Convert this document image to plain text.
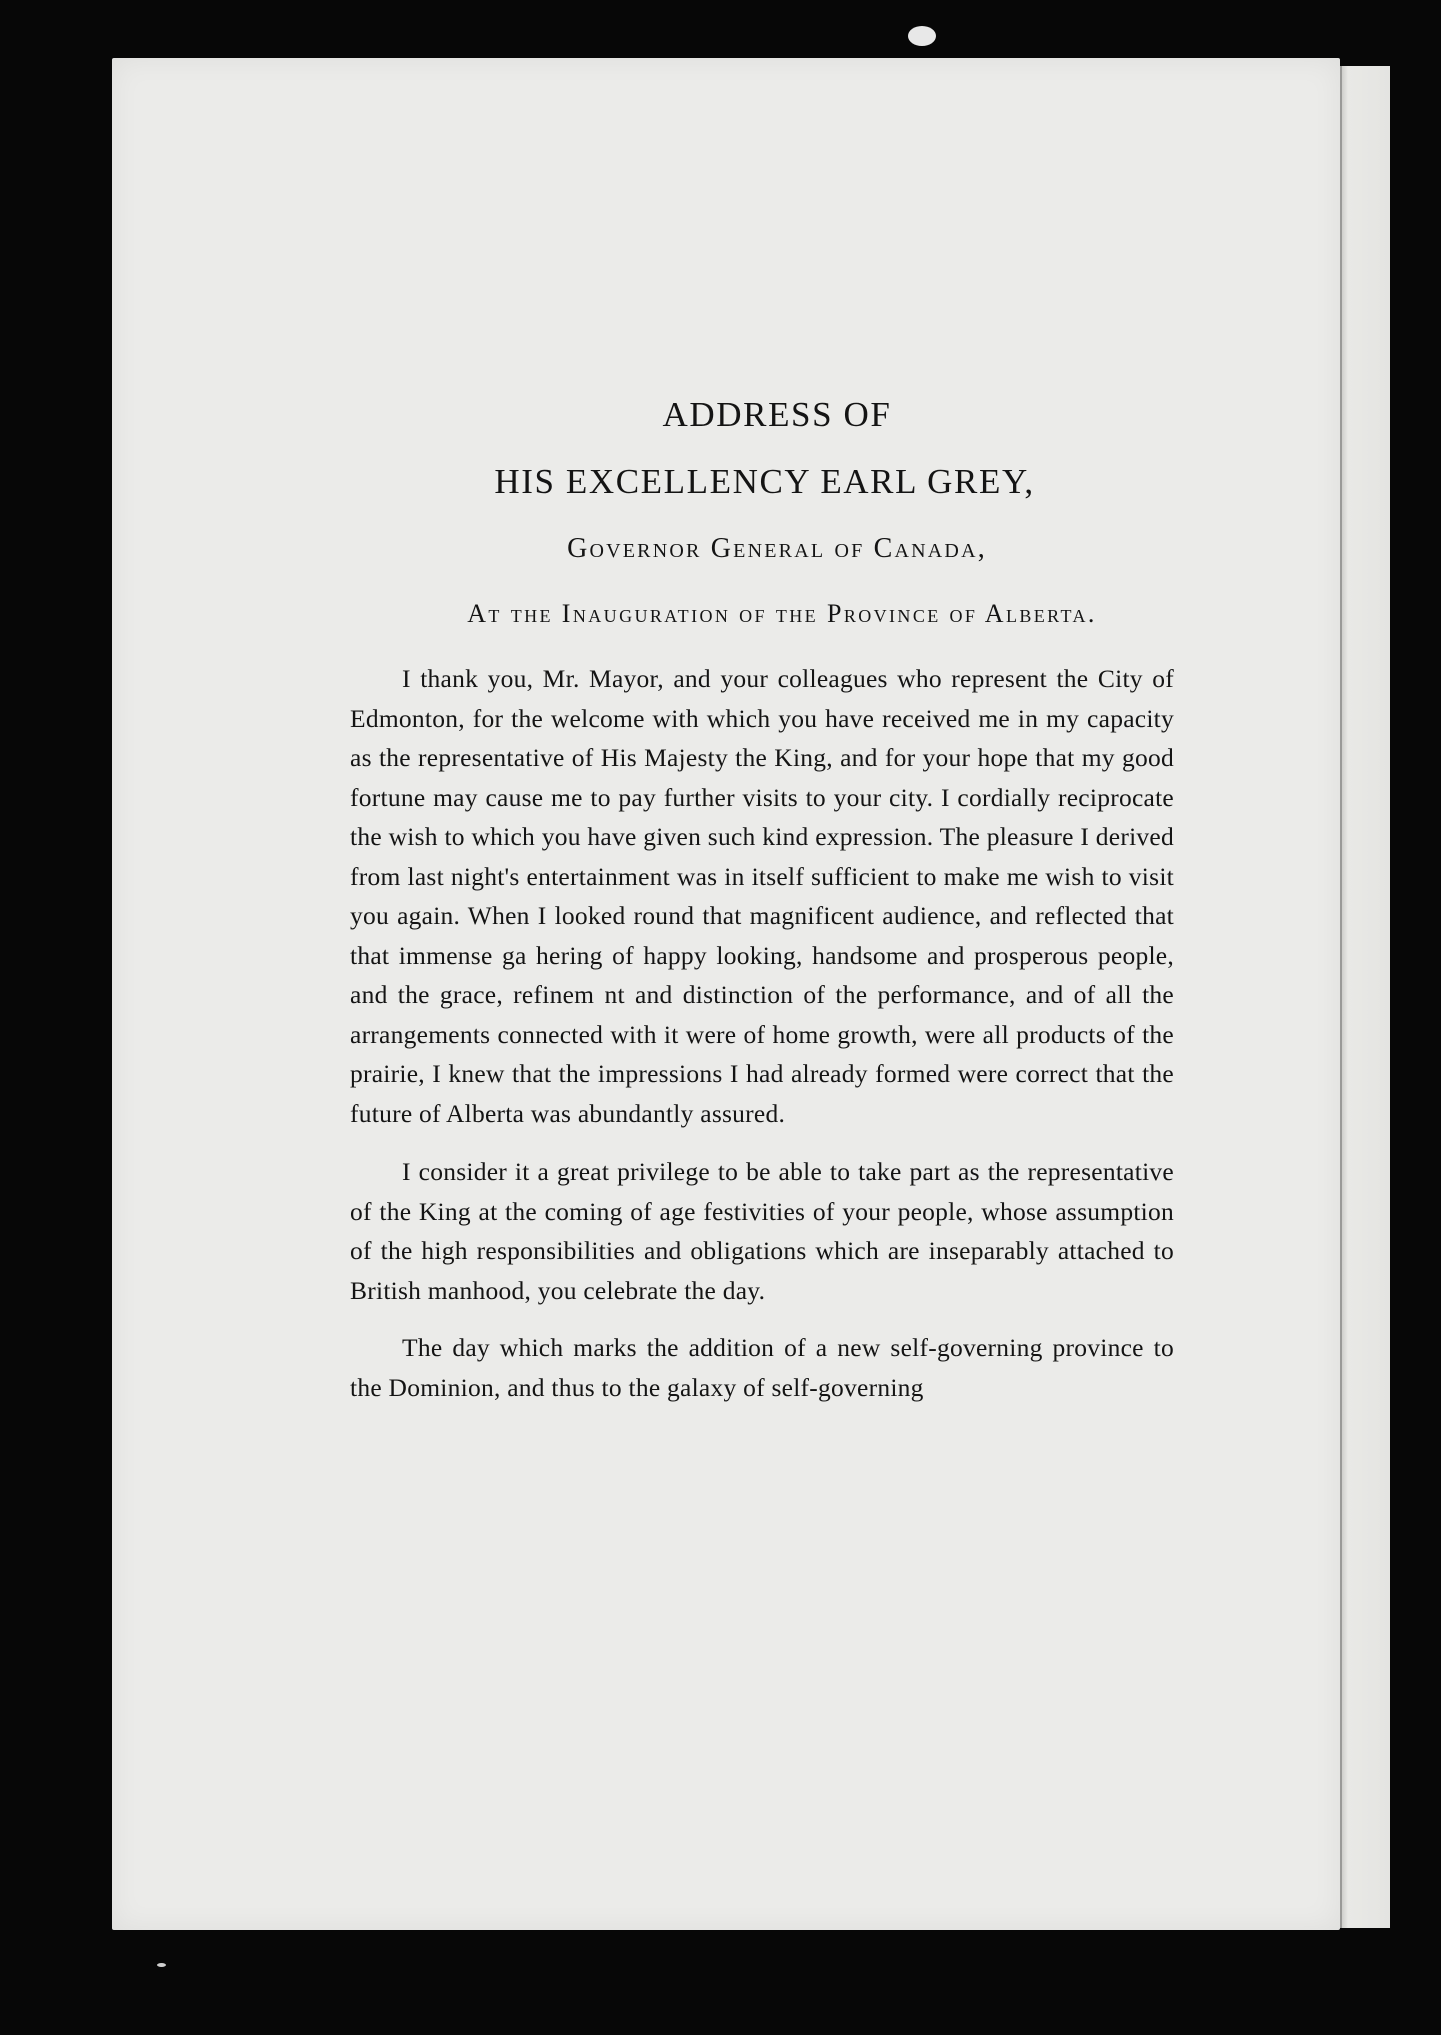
ADDRESS OF
HIS EXCELLENCY EARL GREY,

Governor General of Canada,

At the Inauguration of the Province of Alberta.

I thank you, Mr. Mayor, and your colleagues who represent the City of Edmonton, for the welcome with which you have received me in my capacity as the representative of His Majesty the King, and for your hope that my good fortune may cause me to pay further visits to your city. I cordially reciprocate the wish to which you have given such kind expression. The pleasure I derived from last night's entertainment was in itself sufficient to make me wish to visit you again. When I looked round that magnificent audience, and reflected that that immense ga hering of happy looking, handsome and prosperous people, and the grace, refinem nt and distinction of the performance, and of all the arrangements connected with it were of home growth, were all products of the prairie, I knew that the impressions I had already formed were correct that the future of Alberta was abundantly assured.

I consider it a great privilege to be able to take part as the representative of the King at the coming of age festivities of your people, whose assumption of the high responsibilities and obligations which are inseparably attached to British manhood, you celebrate the day.

The day which marks the addition of a new self-governing province to the Dominion, and thus to the galaxy of self-governing
